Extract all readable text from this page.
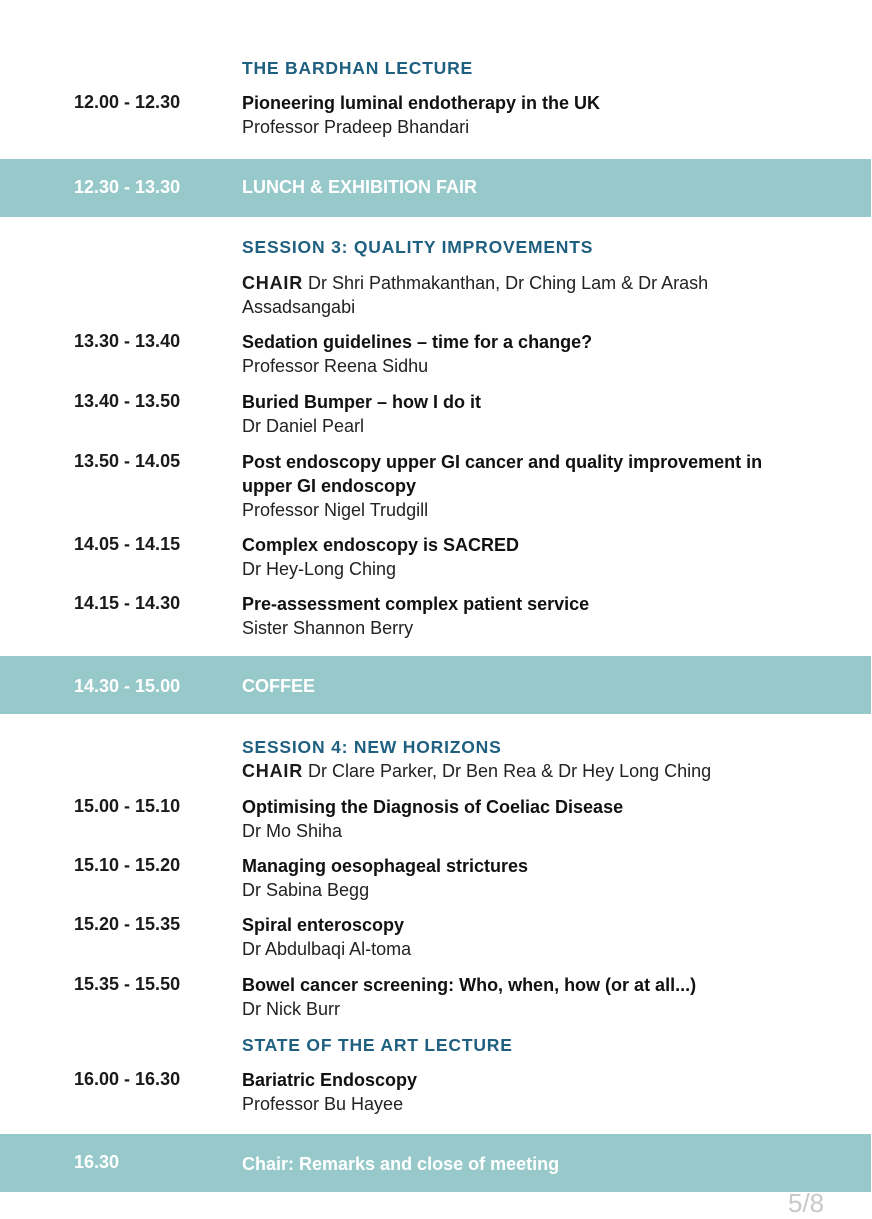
THE BARDHAN LECTURE
12.00 - 12.30	Pioneering luminal endotherapy in the UK
Professor Pradeep Bhandari
12.30 - 13.30	LUNCH & EXHIBITION FAIR
SESSION 3: QUALITY IMPROVEMENTS
CHAIR Dr Shri Pathmakanthan, Dr Ching Lam & Dr Arash Assadsangabi
13.30 - 13.40	Sedation guidelines – time for a change?
Professor Reena Sidhu
13.40 - 13.50	Buried Bumper – how I do it
Dr Daniel Pearl
13.50 - 14.05	Post endoscopy upper GI cancer and quality improvement in upper GI endoscopy
Professor Nigel Trudgill
14.05 - 14.15	Complex endoscopy is SACRED
Dr Hey-Long Ching
14.15 - 14.30	Pre-assessment complex patient service
Sister Shannon Berry
14.30 - 15.00	COFFEE
SESSION 4: NEW HORIZONS
CHAIR Dr Clare Parker, Dr Ben Rea & Dr Hey Long Ching
15.00 - 15.10	Optimising the Diagnosis of Coeliac Disease
Dr Mo Shiha
15.10 - 15.20	Managing oesophageal strictures
Dr Sabina Begg
15.20 - 15.35	Spiral enteroscopy
Dr Abdulbaqi Al-toma
15.35 - 15.50	Bowel cancer screening: Who, when, how (or at all...)
Dr Nick Burr
STATE OF THE ART LECTURE
16.00 - 16.30	Bariatric Endoscopy
Professor Bu Hayee
16.30	Chair: Remarks and close of meeting
5/8
